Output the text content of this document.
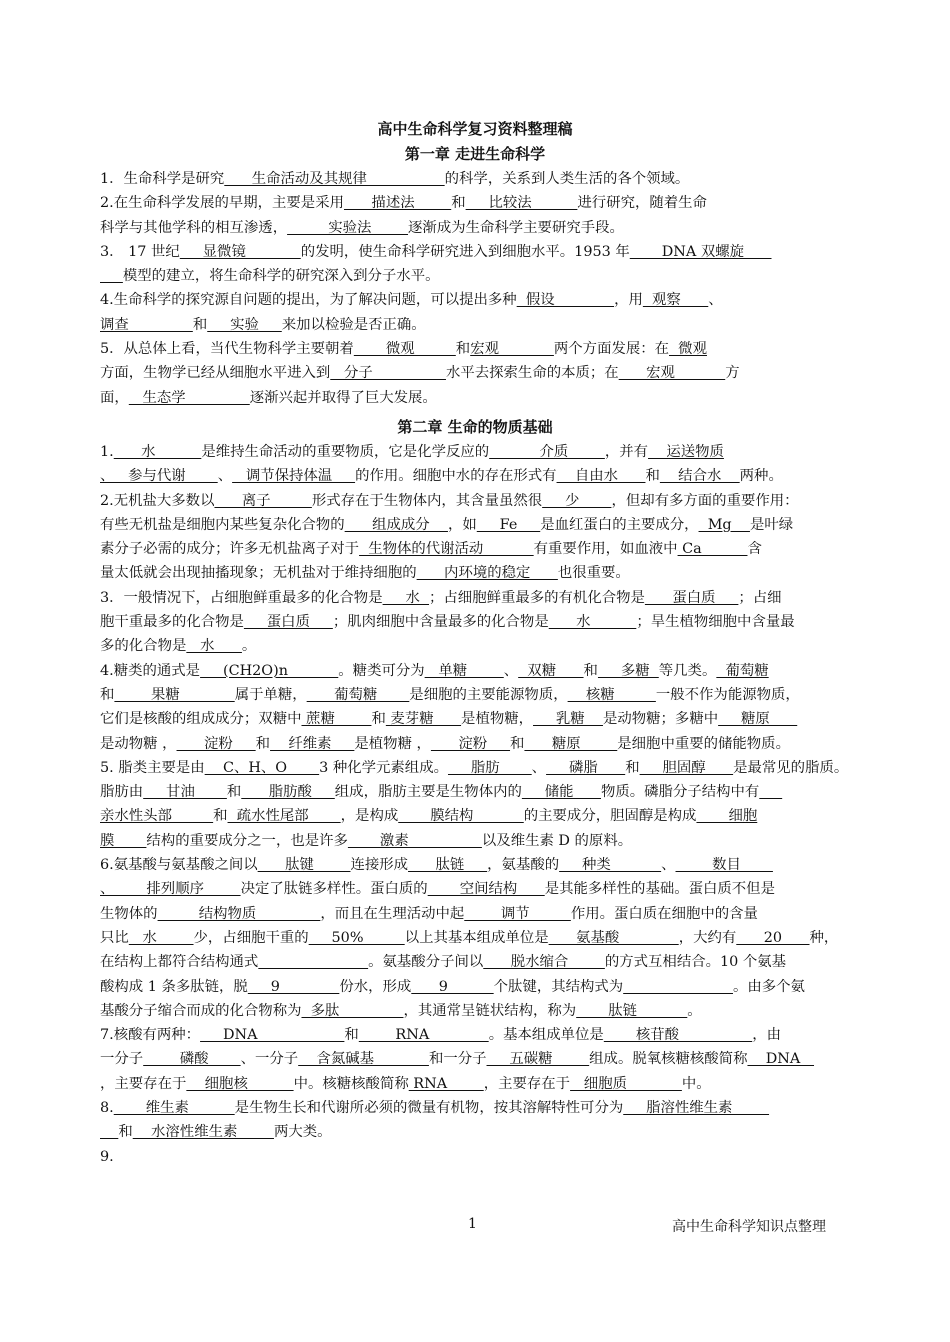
高中生命科学复习资料整理稿
第一章 走进生命科学
1．生命科学是研究      生命活动及其规律                 的科学，关系到人类生活的各个领域。
2.在生命科学发展的早期，主要是采用      描述法        和     比较法          进行研究，随着生命
科学与其他学科的相互渗透，         实验法        逐渐成为生命科学主要研究手段。
3． 17 世纪     显微镜            的发明，使生命科学研究进入到细胞水平。1953 年       DNA 双螺旋
模型的建立，将生命科学的研究深入到分子水平。
4.生命科学的探究源自问题的提出，为了解决问题，可以提出多种  假设             ，用  观察      、
调查              和     实验     来加以检验是否正确。
5．从总体上看，当代生物科学主要朝着       微观         和宏观            两个方面发展：在  微观
方面，生物学已经从细胞水平进入到   分子                水平去探索生命的本质；在      宏观           方
面，   生态学              逐渐兴起并取得了巨大发展。
第二章 生命的物质基础
1.      水          是维持生命活动的重要物质，它是化学反应的           介质        ，并有    运送物质
、   参与代谢       、   调节保持体温     的作用。细胞中水的存在形式有    自由水      和    结合水    两种。
2.无机盐大多数以      离子         形式存在于生物体内，其含量虽然很     少       ，但却有多方面的重要作用：
有些无机盐是细胞内某些复杂化合物的      组成成分    ，如     Fe     是血红蛋白的主要成分，  Mg    是叶绿
素分子必需的成分；许多无机盐离子对于  生物体的代谢活动           有重要作用，如血液中 Ca          含
量太低就会出现抽搐现象；无机盐对于维持细胞的      内环境的稳定      也很重要。
3．一般情况下，占细胞鲜重最多的化合物是     水  ；占细胞鲜重最多的有机化合物是      蛋白质     ；占细
胞干重最多的化合物是     蛋白质     ；肌肉细胞中含量最多的化合物是      水          ；旱生植物细胞中含量最
多的化合物是   水      。
4.糖类的通式是     (CH2O)n           。糖类可分为   单糖        、  双糖      和     多糖  等几类。  葡萄糖
和        果糖            属于单糖，      葡萄糖       是细胞的主要能源物质，    核糖         一般不作为能源物质，
它们是核酸的组成成分；双糖中 蔗糖        和 麦芽糖      是植物糖，     乳糖    是动物糖；多糖中     糖原
是动物糖 ，      淀粉     和    纤维素     是植物糖 ，      淀粉     和      糖原        是细胞中重要的储能物质。
5. 脂类主要是由    C、H、O       3 种化学元素组成。     脂肪       、     磷脂      和     胆固醇      是最常见的脂质。
脂肪由     甘油       和      脂肪酸     组成，脂肪主要是生物体内的     储能      物质。磷脂分子结构中有
亲水性头部         和  疏水性尾部       ，是构成       膜结构           的主要成分，胆固醇是构成       细胞
膜       结构的重要成分之一，也是许多       激素                以及维生素 D 的原料。
6.氨基酸与氨基酸之间以      肽键        连接形成      肽链     ，氨基酸的     种类           、        数目
、       排列顺序        决定了肽链多样性。蛋白质的       空间结构      是其能多样性的基础。蛋白质不但是
生物体的         结构物质              ，而且在生理活动中起        调节         作用。蛋白质在细胞中的含量
只比   水        少，占细胞干重的     50%         以上其基本组成单位是      氨基酸             ，大约有      20      种，
在结构上都符合结构通式	。氨基酸分子间以      脱水缩合        的方式互相结合。10 个氨基
酸构成 1 条多肽链，脱     9             份水，形成      9          个肽键，其结构式为	。由多个氨
基酸分子缩合而成的化合物称为  多肽              ，其通常呈链状结构，称为       肽链           。
7.核酸有两种：     DNA                   和        RNA             。基本组成单位是       核苷酸                ，由
一分子        磷酸       、一分子    含氮碱基            和一分子     五碳糖        组成。脱氧核糖核酸简称    DNA
，主要存在于    细胞核          中。核糖核酸简称 RNA        ，主要存在于   细胞质            中。
8.       维生素          是生物生长和代谢所必须的微量有机物，按其溶解特性可分为     脂溶性维生素
和    水溶性维生素        两大类。
9.
1	高中生命科学知识点整理
